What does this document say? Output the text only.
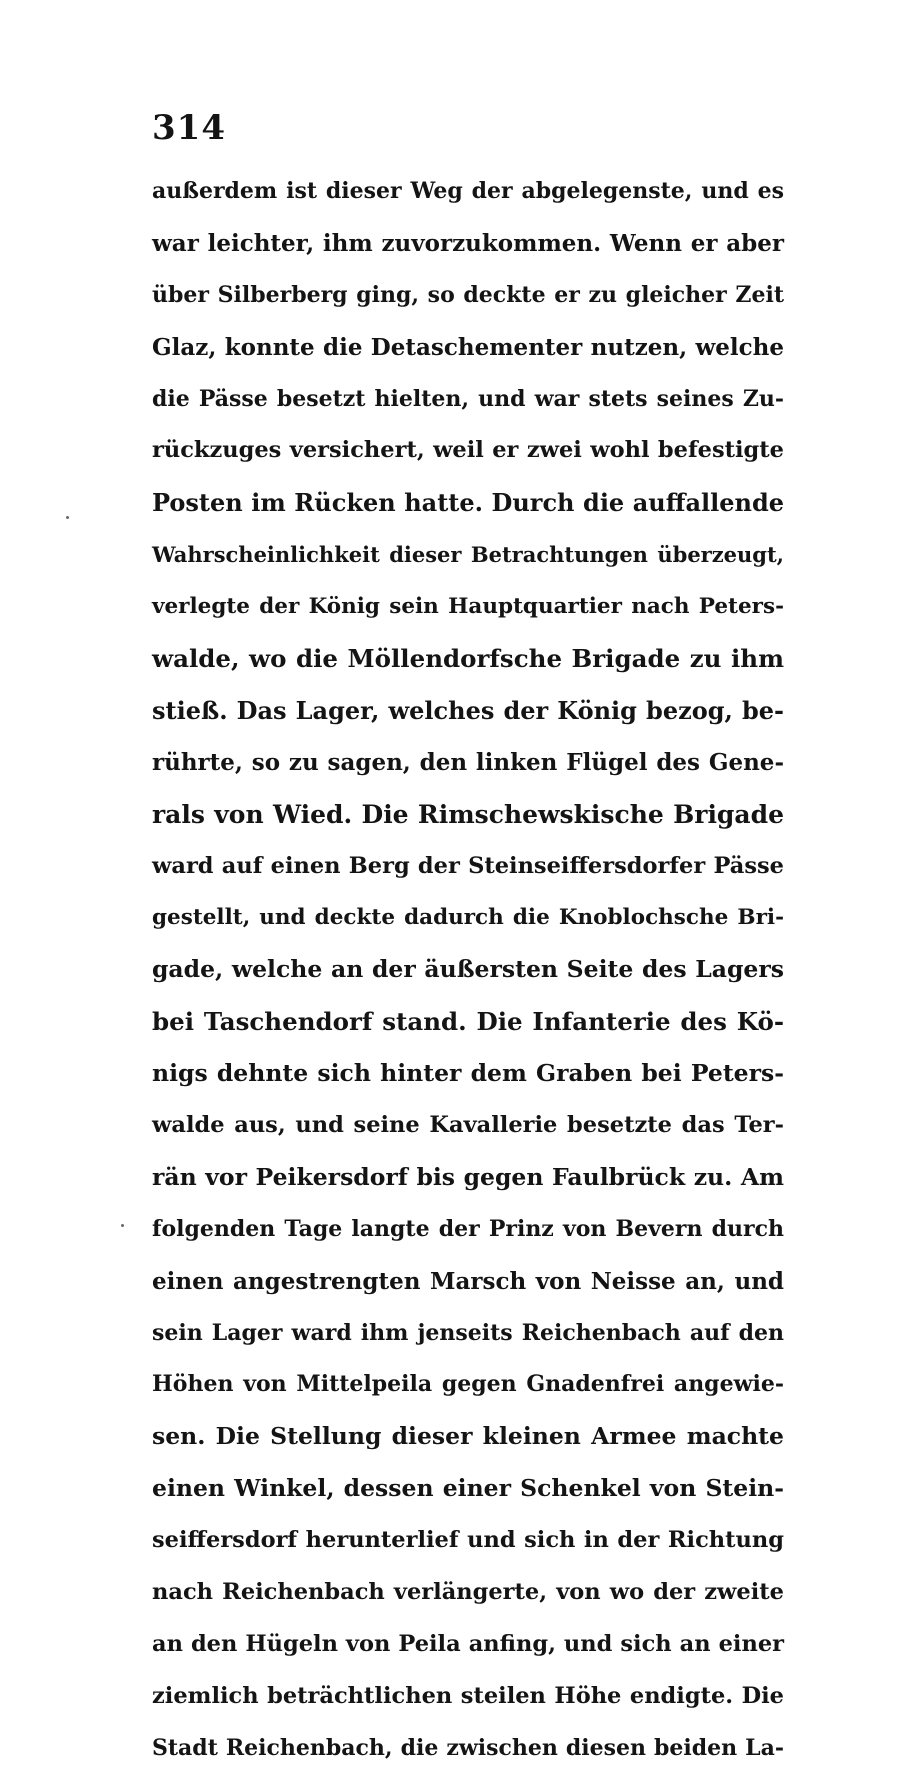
314
außerdem ist dieser Weg der abgelegenste, und es
war leichter, ihm zuvorzukommen. Wenn er aber
über Silberberg ging, so deckte er zu gleicher Zeit
Glaz, konnte die Detaschementer nutzen, welche
die Pässe besetzt hielten, und war stets seines Zu-
rückzuges versichert, weil er zwei wohl befestigte
Posten im Rücken hatte. Durch die auffallende
Wahrscheinlichkeit dieser Betrachtungen überzeugt,
verlegte der König sein Hauptquartier nach Peters-
walde, wo die Möllendorfsche Brigade zu ihm
stieß. Das Lager, welches der König bezog, be-
rührte, so zu sagen, den linken Flügel des Gene-
rals von Wied. Die Rimschewskische Brigade
ward auf einen Berg der Steinseiffersdorfer Pässe
gestellt, und deckte dadurch die Knoblochsche Bri-
gade, welche an der äußersten Seite des Lagers
bei Taschendorf stand. Die Infanterie des Kö-
nigs dehnte sich hinter dem Graben bei Peters-
walde aus, und seine Kavallerie besetzte das Ter-
rän vor Peikersdorf bis gegen Faulbrück zu. Am
folgenden Tage langte der Prinz von Bevern durch
einen angestrengten Marsch von Neisse an, und
sein Lager ward ihm jenseits Reichenbach auf den
Höhen von Mittelpeila gegen Gnadenfrei angewie-
sen. Die Stellung dieser kleinen Armee machte
einen Winkel, dessen einer Schenkel von Stein-
seiffersdorf herunterlief und sich in der Richtung
nach Reichenbach verlängerte, von wo der zweite
an den Hügeln von Peila anfing, und sich an einer
ziemlich beträchtlichen steilen Höhe endigte. Die
Stadt Reichenbach, die zwischen diesen beiden La-
